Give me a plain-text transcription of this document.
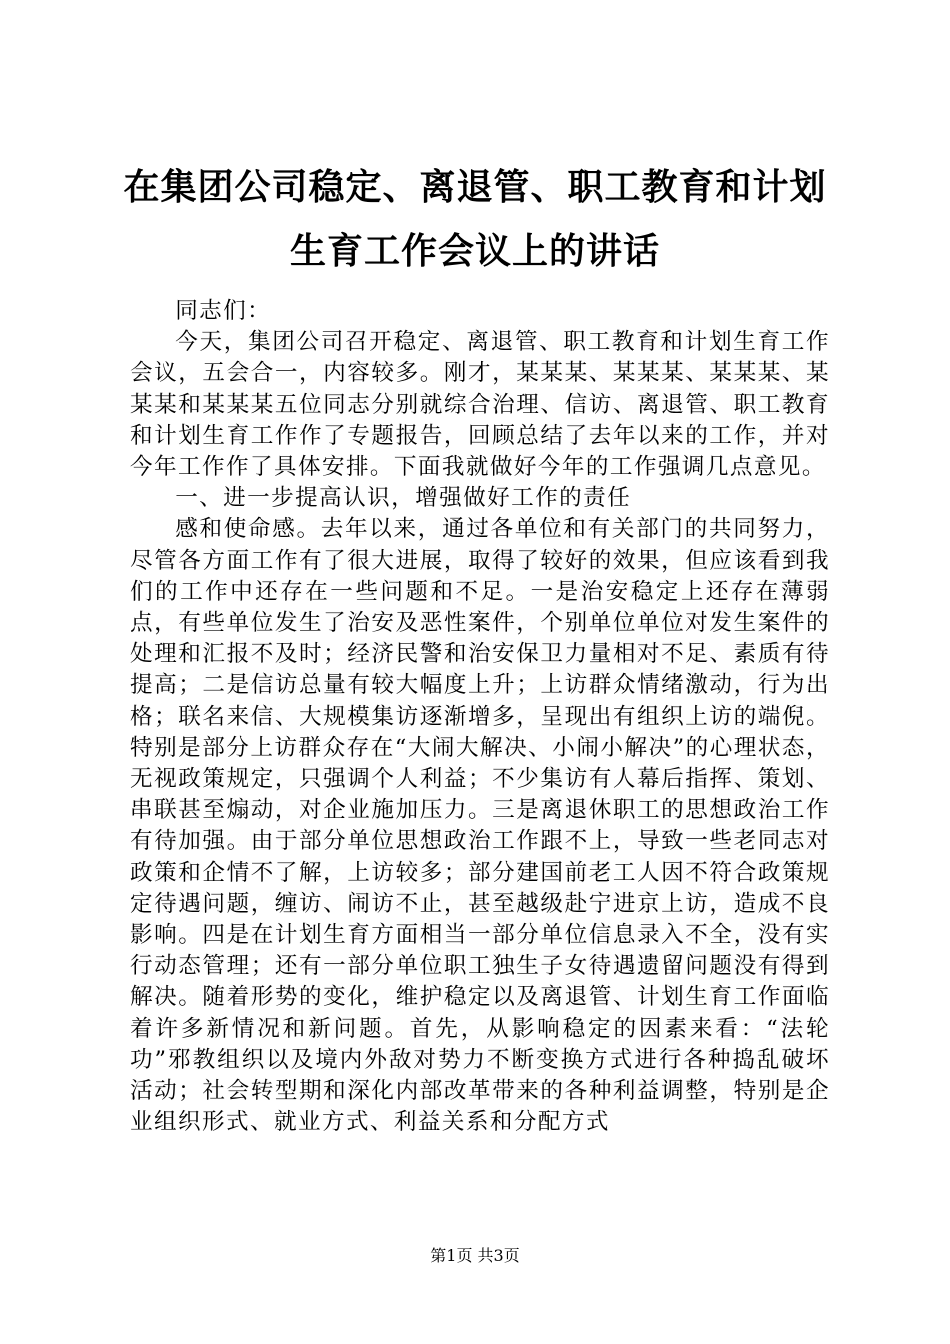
在集团公司稳定、离退管、职工教育和计划生育工作会议上的讲话

同志们：

今天，集团公司召开稳定、离退管、职工教育和计划生育工作会议，五会合一，内容较多。刚才，某某某、某某某、某某某、某某某和某某某五位同志分别就综合治理、信访、离退管、职工教育和计划生育工作作了专题报告，回顾总结了去年以来的工作，并对今年工作作了具体安排。下面我就做好今年的工作强调几点意见。

一、进一步提高认识，增强做好工作的责任

感和使命感。去年以来，通过各单位和有关部门的共同努力，尽管各方面工作有了很大进展，取得了较好的效果，但应该看到我们的工作中还存在一些问题和不足。一是治安稳定上还存在薄弱点，有些单位发生了治安及恶性案件，个别单位单位对发生案件的处理和汇报不及时；经济民警和治安保卫力量相对不足、素质有待提高；二是信访总量有较大幅度上升；上访群众情绪激动，行为出格；联名来信、大规模集访逐渐增多，呈现出有组织上访的端倪。特别是部分上访群众存在“大闹大解决、小闹小解决”的心理状态，无视政策规定，只强调个人利益；不少集访有人幕后指挥、策划、串联甚至煽动，对企业施加压力。三是离退休职工的思想政治工作有待加强。由于部分单位思想政治工作跟不上，导致一些老同志对政策和企情不了解，上访较多；部分建国前老工人因不符合政策规定待遇问题，缠访、闹访不止，甚至越级赴宁进京上访，造成不良影响。四是在计划生育方面相当一部分单位信息录入不全，没有实行动态管理；还有一部分单位职工独生子女待遇遗留问题没有得到解决。随着形势的变化，维护稳定以及离退管、计划生育工作面临着许多新情况和新问题。首先，从影响稳定的因素来看：“法轮功”邪教组织以及境内外敌对势力不断变换方式进行各种捣乱破坏活动；社会转型期和深化内部改革带来的各种利益调整，特别是企业组织形式、就业方式、利益关系和分配方式

第1页 共3页
